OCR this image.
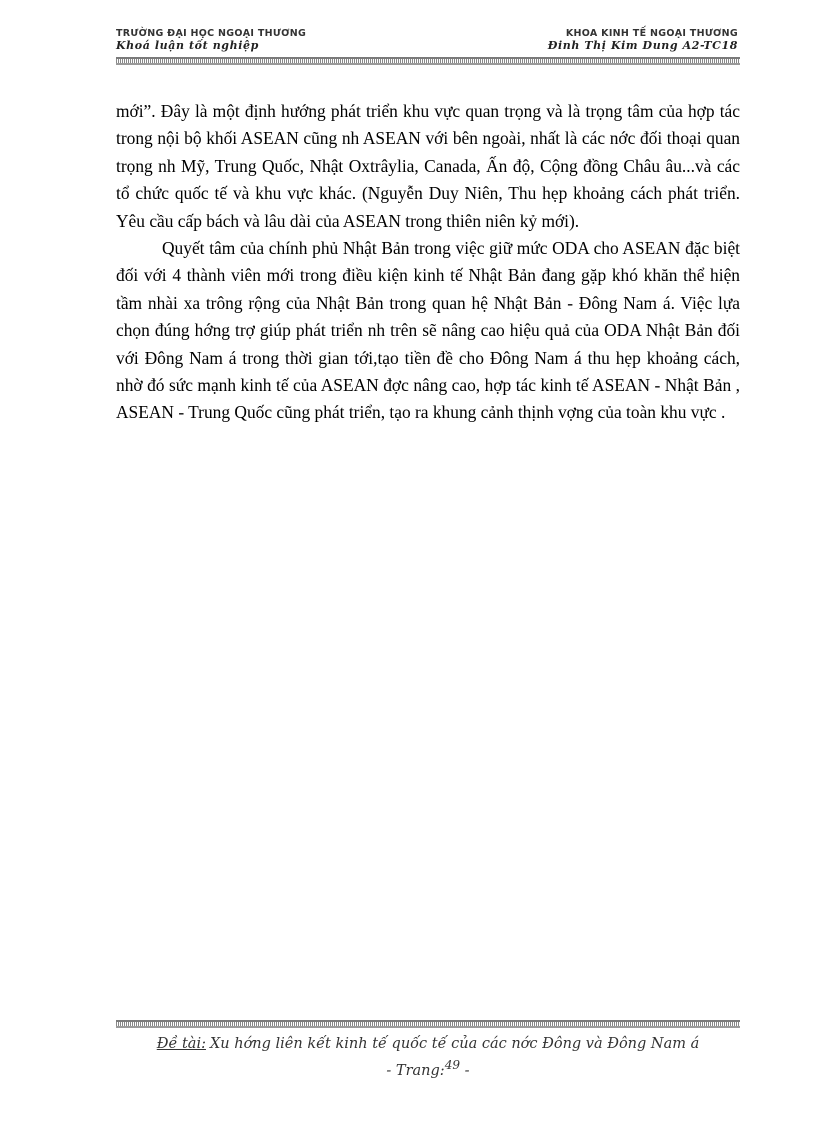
TRƯỜNG ĐẠI HỌC NGOẠI THƯƠNG
Khoá luận tốt nghiệp
KHOA KINH TẾ NGOẠI THƯƠNG
Đinh Thị Kim Dung A2-TC18

mới”. Đây là một định hướng phát triển khu vực quan trọng và là trọng tâm của hợp tác trong nội bộ khối ASEAN cũng nh ASEAN với bên ngoài, nhất là các nớc đối thoại quan trọng nh Mỹ, Trung Quốc, Nhật Oxtrâylia, Canada, Ấn độ, Cộng đồng Châu âu...và các tổ chức quốc tế và khu vực khác. (Nguyễn Duy Niên, Thu hẹp khoảng cách phát triển. Yêu cầu cấp bách và lâu dài của ASEAN trong thiên niên kỷ mới).

Quyết tâm của chính phủ Nhật Bản trong việc giữ mức ODA cho ASEAN đặc biệt đối với 4 thành viên mới trong điều kiện kinh tế Nhật Bản đang gặp khó khăn thể hiện tầm nhài xa trông rộng của Nhật Bản trong quan hệ Nhật Bản - Đông Nam á. Việc lựa chọn đúng hớng trợ giúp phát triển nh trên sẽ nâng cao hiệu quả của ODA Nhật Bản đối với Đông Nam á trong thời gian tới,tạo tiền đề cho Đông Nam á thu hẹp khoảng cách, nhờ đó sức mạnh kinh tế của ASEAN đợc nâng cao, hợp tác kinh tế ASEAN - Nhật Bản , ASEAN - Trung Quốc cũng phát triển, tạo ra khung cảnh thịnh vợng của toàn khu vực .

Đề tài: Xu hớng liên kết kinh tế quốc tế của các nớc Đông và Đông Nam á
- Trang:$^{49}$ -
